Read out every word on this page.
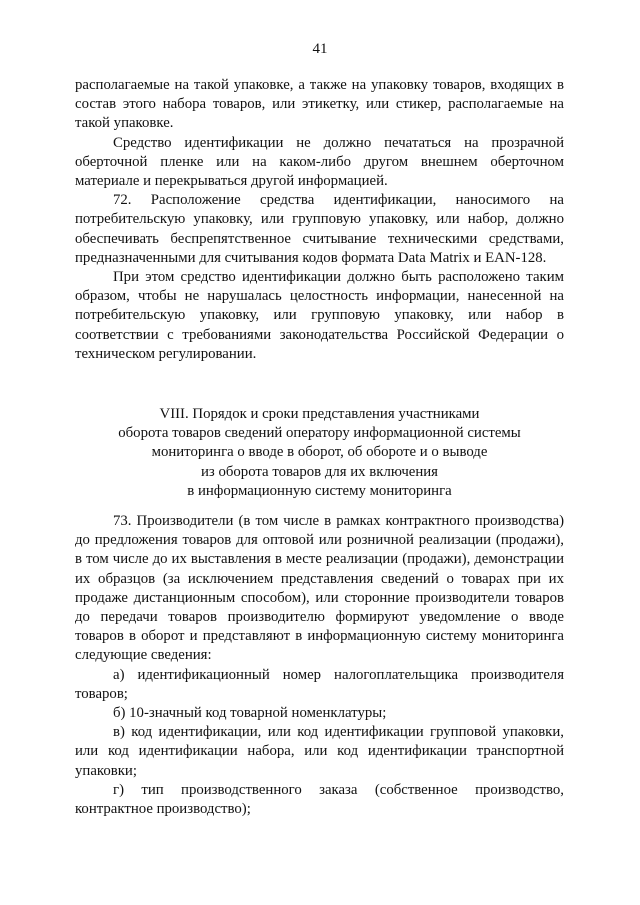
41

располагаемые на такой упаковке, а также на упаковку товаров, входящих в состав этого набора товаров, или этикетку, или стикер, располагаемые на такой упаковке.

Средство идентификации не должно печататься на прозрачной оберточной пленке или на каком-либо другом внешнем оберточном материале и перекрываться другой информацией.

72. Расположение средства идентификации, наносимого на потребительскую упаковку, или групповую упаковку, или набор, должно обеспечивать беспрепятственное считывание техническими средствами, предназначенными для считывания кодов формата Data Matrix и EAN-128.

При этом средство идентификации должно быть расположено таким образом, чтобы не нарушалась целостность информации, нанесенной на потребительскую упаковку, или групповую упаковку, или набор в соответствии с требованиями законодательства Российской Федерации о техническом регулировании.

VIII. Порядок и сроки представления участниками
оборота товаров сведений оператору информационной системы
мониторинга о вводе в оборот, об обороте и о выводе
из оборота товаров для их включения
в информационную систему мониторинга

73. Производители (в том числе в рамках контрактного производства) до предложения товаров для оптовой или розничной реализации (продажи), в том числе до их выставления в месте реализации (продажи), демонстрации их образцов (за исключением представления сведений о товарах при их продаже дистанционным способом), или сторонние производители товаров до передачи товаров производителю формируют уведомление о вводе товаров в оборот и представляют в информационную систему мониторинга следующие сведения:

а) идентификационный номер налогоплательщика производителя товаров;

б) 10-значный код товарной номенклатуры;

в) код идентификации, или код идентификации групповой упаковки, или код идентификации набора, или код идентификации транспортной упаковки;

г) тип производственного заказа (собственное производство, контрактное производство);
